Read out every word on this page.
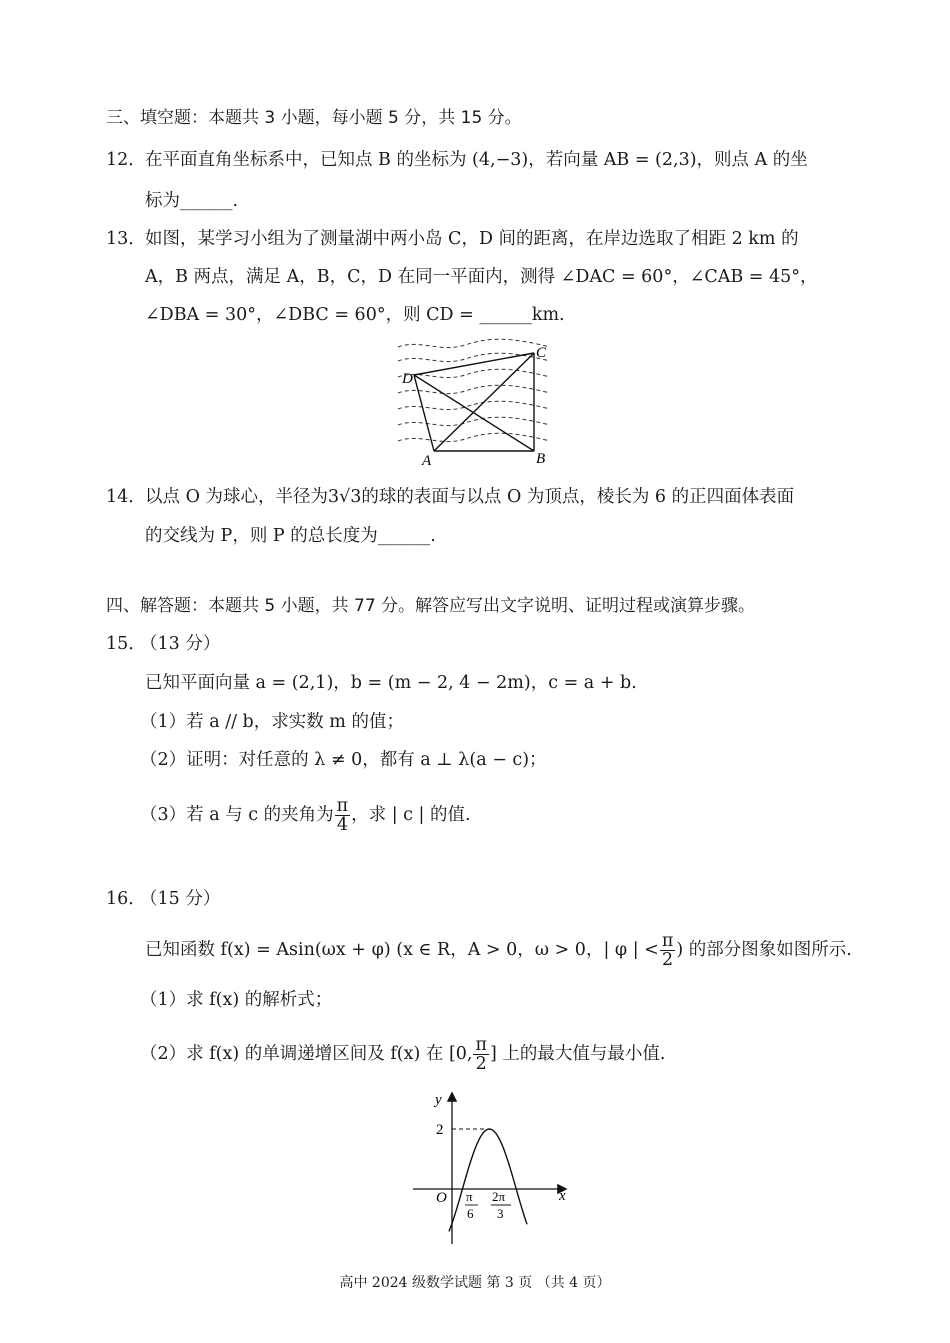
三、填空题：本题共 3 小题，每小题 5 分，共 15 分。
12． 在平面直角坐标系中，已知点 B 的坐标为 (4,−3)，若向量 AB = (2,3)，则点 A 的坐
标为______.
13． 如图，某学习小组为了测量湖中两小岛 C，D 间的距离，在岸边选取了相距 2 km 的
A，B 两点，满足 A，B，C，D 在同一平面内，测得 ∠DAC = 60°，∠CAB = 45°，
∠DBA = 30°，∠DBC = 60°，则 CD = ______km.
D
C
A	B
14． 以点 O 为球心，半径为3√3的球的表面与以点 O 为顶点，棱长为 6 的正四面体表面
的交线为 P，则 P 的总长度为______.
四、解答题：本题共 5 小题，共 77 分。解答应写出文字说明、证明过程或演算步骤。
15．
（13 分）
已知平面向量 a = (2,1)，b = (m − 2, 4 − 2m)，c = a + b.
（1）若 a // b，求实数 m 的值；
（2）证明：对任意的 λ ≠ 0，都有 a ⊥ λ(a − c)；
（3）若 a 与 c 的夹角为 $\frac{\pi}{4}$ ，求 | c | 的值.
16．
（15 分）
已知函数 f(x) = Asin(ωx + φ) (x ∈ R，A > 0，ω > 0，| φ | < $\frac{\pi}{2}$ ) 的部分图象如图所示.
（1）求 f(x) 的解析式；
（2）求 f(x) 的单调递增区间及 f(x) 在 [0, $\frac{\pi}{2}$ ] 上的最大值与最小值.
y
x
2
O π
6
2π
3
高中 2024 级数学试题 第 3 页 （共 4 页）
